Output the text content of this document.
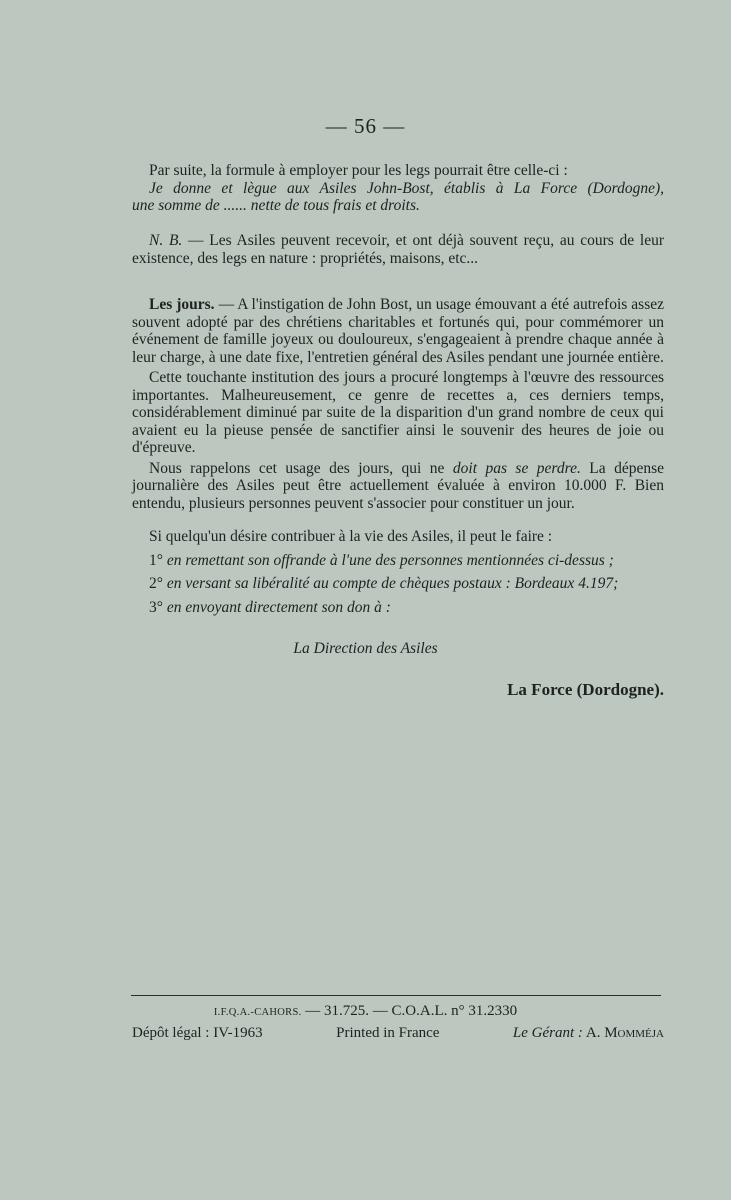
— 56 —

Par suite, la formule à employer pour les legs pourrait être celle-ci :

Je donne et lègue aux Asiles John-Bost, établis à La Force (Dordogne),

une somme de ...... nette de tous frais et droits.

N. B. — Les Asiles peuvent recevoir, et ont déjà souvent reçu, au cours de leur existence, des legs en nature : propriétés, maisons, etc...

Les jours. — A l'instigation de John Bost, un usage émouvant a été autrefois assez souvent adopté par des chrétiens charitables et fortunés qui, pour commémorer un événement de famille joyeux ou douloureux, s'engageaient à prendre chaque année à leur charge, à une date fixe, l'entretien général des Asiles pendant une journée entière.

Cette touchante institution des jours a procuré longtemps à l'œuvre des ressources importantes. Malheureusement, ce genre de recettes a, ces derniers temps, considérablement diminué par suite de la disparition d'un grand nombre de ceux qui avaient eu la pieuse pensée de sanctifier ainsi le souvenir des heures de joie ou d'épreuve.

Nous rappelons cet usage des jours, qui ne doit pas se perdre. La dépense journalière des Asiles peut être actuellement évaluée à environ 10.000 F. Bien entendu, plusieurs personnes peuvent s'associer pour constituer un jour.

Si quelqu'un désire contribuer à la vie des Asiles, il peut le faire :

1° en remettant son offrande à l'une des personnes mentionnées ci-dessus ;

2° en versant sa libéralité au compte de chèques postaux : Bordeaux 4.197;

3° en envoyant directement son don à :

La Direction des Asiles
La Force (Dordogne).
I.F.Q.A.-CAHORS. — 31.725. — C.O.A.L. n° 31.2330
Dépôt légal : IV-1963	Printed in France	Le Gérant : A. Momméja
